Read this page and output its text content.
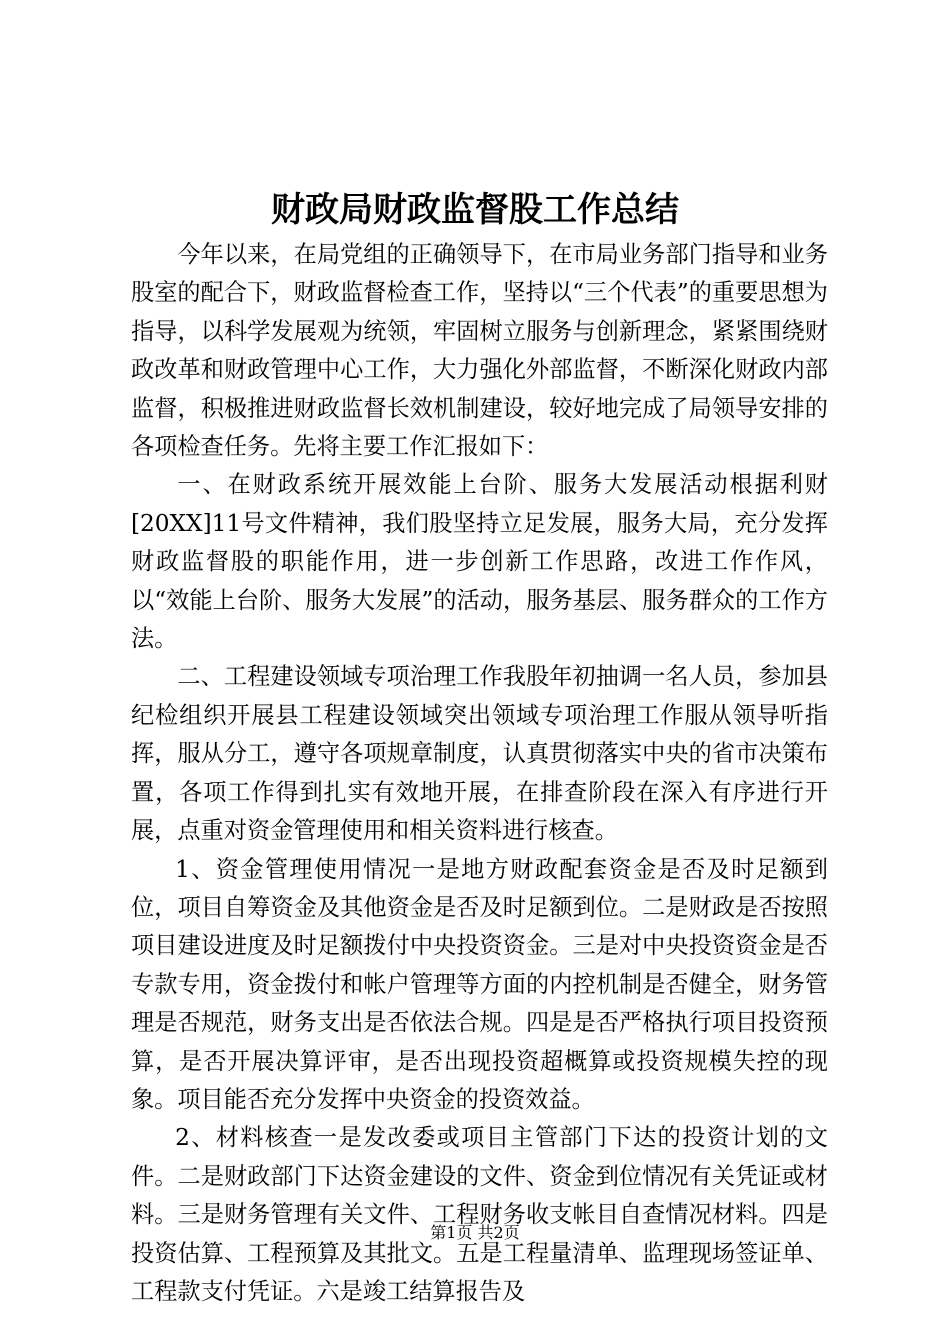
财政局财政监督股工作总结

今年以来，在局党组的正确领导下，在市局业务部门指导和业务股室的配合下，财政监督检查工作，坚持以“三个代表”的重要思想为指导，以科学发展观为统领，牢固树立服务与创新理念，紧紧围绕财政改革和财政管理中心工作，大力强化外部监督，不断深化财政内部监督，积极推进财政监督长效机制建设，较好地完成了局领导安排的各项检查任务。先将主要工作汇报如下：

一、在财政系统开展效能上台阶、服务大发展活动根据利财[20XX]11号文件精神，我们股坚持立足发展，服务大局，充分发挥财政监督股的职能作用，进一步创新工作思路，改进工作作风，以“效能上台阶、服务大发展”的活动，服务基层、服务群众的工作方法。

二、工程建设领域专项治理工作我股年初抽调一名人员，参加县纪检组织开展县工程建设领域突出领域专项治理工作服从领导听指挥，服从分工，遵守各项规章制度，认真贯彻落实中央的省市决策布置，各项工作得到扎实有效地开展，在排查阶段在深入有序进行开展，点重对资金管理使用和相关资料进行核查。

1、资金管理使用情况一是地方财政配套资金是否及时足额到位，项目自筹资金及其他资金是否及时足额到位。二是财政是否按照项目建设进度及时足额拨付中央投资资金。三是对中央投资资金是否专款专用，资金拨付和帐户管理等方面的内控机制是否健全，财务管理是否规范，财务支出是否依法合规。四是是否严格执行项目投资预算，是否开展决算评审，是否出现投资超概算或投资规模失控的现象。项目能否充分发挥中央资金的投资效益。

2、材料核查一是发改委或项目主管部门下达的投资计划的文件。二是财政部门下达资金建设的文件、资金到位情况有关凭证或材料。三是财务管理有关文件、工程财务收支帐目自查情况材料。四是投资估算、工程预算及其批文。五是工程量清单、监理现场签证单、工程款支付凭证。六是竣工结算报告及

第1页 共2页
